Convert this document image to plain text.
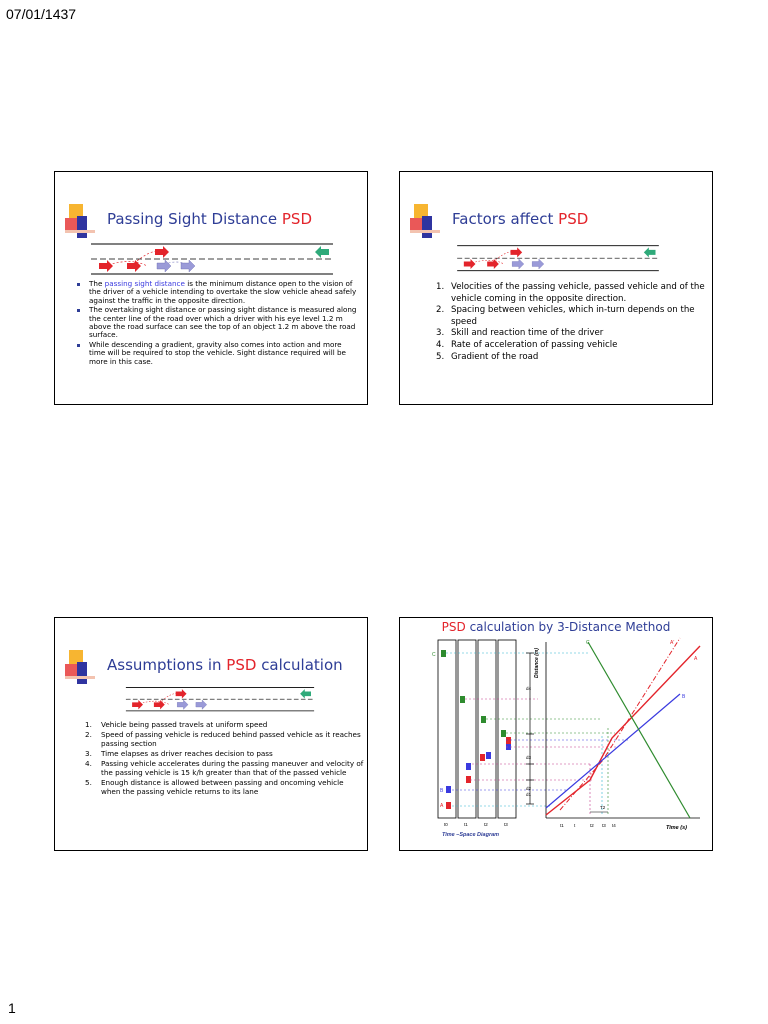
07/01/1437
Passing Sight Distance PSD
The passing sight distance is the minimum distance open to the vision of the driver of a vehicle intending to overtake the slow vehicle ahead safely against the traffic in the opposite direction.
The overtaking sight distance or passing sight distance is measured along the center line of the road over which a driver with his eye level 1.2 m above the road surface can see the top of an object 1.2 m above the road surface.
While descending a gradient, gravity also comes into action and more time will be required to stop the vehicle. Sight distance required will be more in this case.
Factors affect PSD
1. Velocities of the passing vehicle, passed vehicle and of the vehicle coming in the opposite direction.
2. Spacing between vehicles, which in-turn depends on the speed
3. Skill and reaction time of the driver
4. Rate of acceleration of passing vehicle
5. Gradient of the road
Assumptions in PSD calculation
1. Vehicle being passed travels at uniform speed
2. Speed of passing vehicle is reduced behind passed vehicle as it reaches passing section
3. Time elapses as driver reaches decision to pass
4. Passing vehicle accelerates during the passing maneuver and velocity of the passing vehicle is 15 k/h greater than that of the passed vehicle
5. Enough distance is allowed between passing and oncoming vehicle when the passing vehicle returns to its lane
PSD calculation by 3-Distance Method
C
B
A
d4
d3
d2
d1
Distance (m)
C	A'
A
B
T2
t1 t	t2 t3 t4
t0	t1	t2	t3
Time (s)
Time –Space Diagram
1
